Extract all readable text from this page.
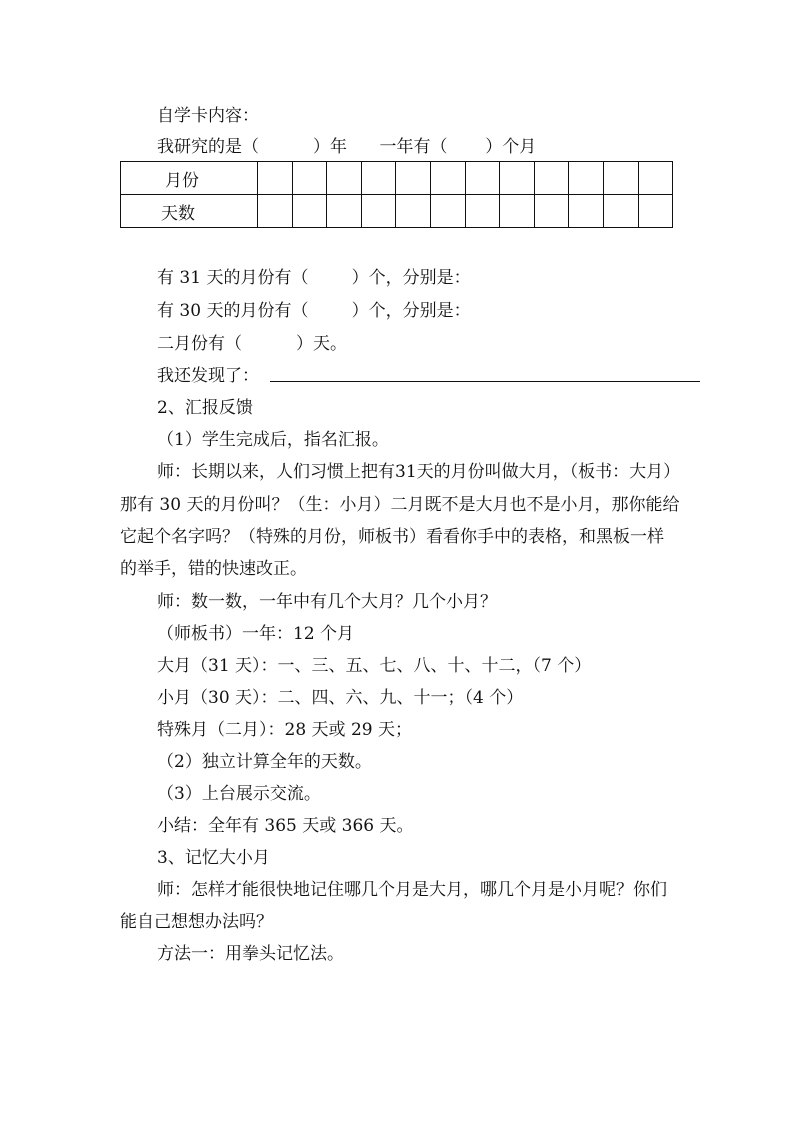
自学卡内容：
我研究的是（          ）年      一年有（       ）个月
月份												
天数												
有 31 天的月份有（        ）个，分别是：
有 30 天的月份有（        ）个，分别是：
二月份有（          ）天。
我还发现了：
2、汇报反馈
（1）学生完成后，指名汇报。
师：长期以来，人们习惯上把有31天的月份叫做大月，（板书：大月）
那有 30 天的月份叫？（生：小月）二月既不是大月也不是小月，那你能给
它起个名字吗？（特殊的月份，师板书）看看你手中的表格，和黑板一样
的举手，错的快速改正。
师：数一数，一年中有几个大月？几个小月？
（师板书）一年：12 个月
大月（31 天）：一、三、五、七、八、十、十二，（7 个）
小月（30 天）：二、四、六、九、十一；（4 个）
特殊月（二月）：28 天或 29 天；
（2）独立计算全年的天数。
（3）上台展示交流。
小结：全年有 365 天或 366 天。
3、记忆大小月
师：怎样才能很快地记住哪几个月是大月，哪几个月是小月呢？你们
能自己想想办法吗？
方法一：用拳头记忆法。
